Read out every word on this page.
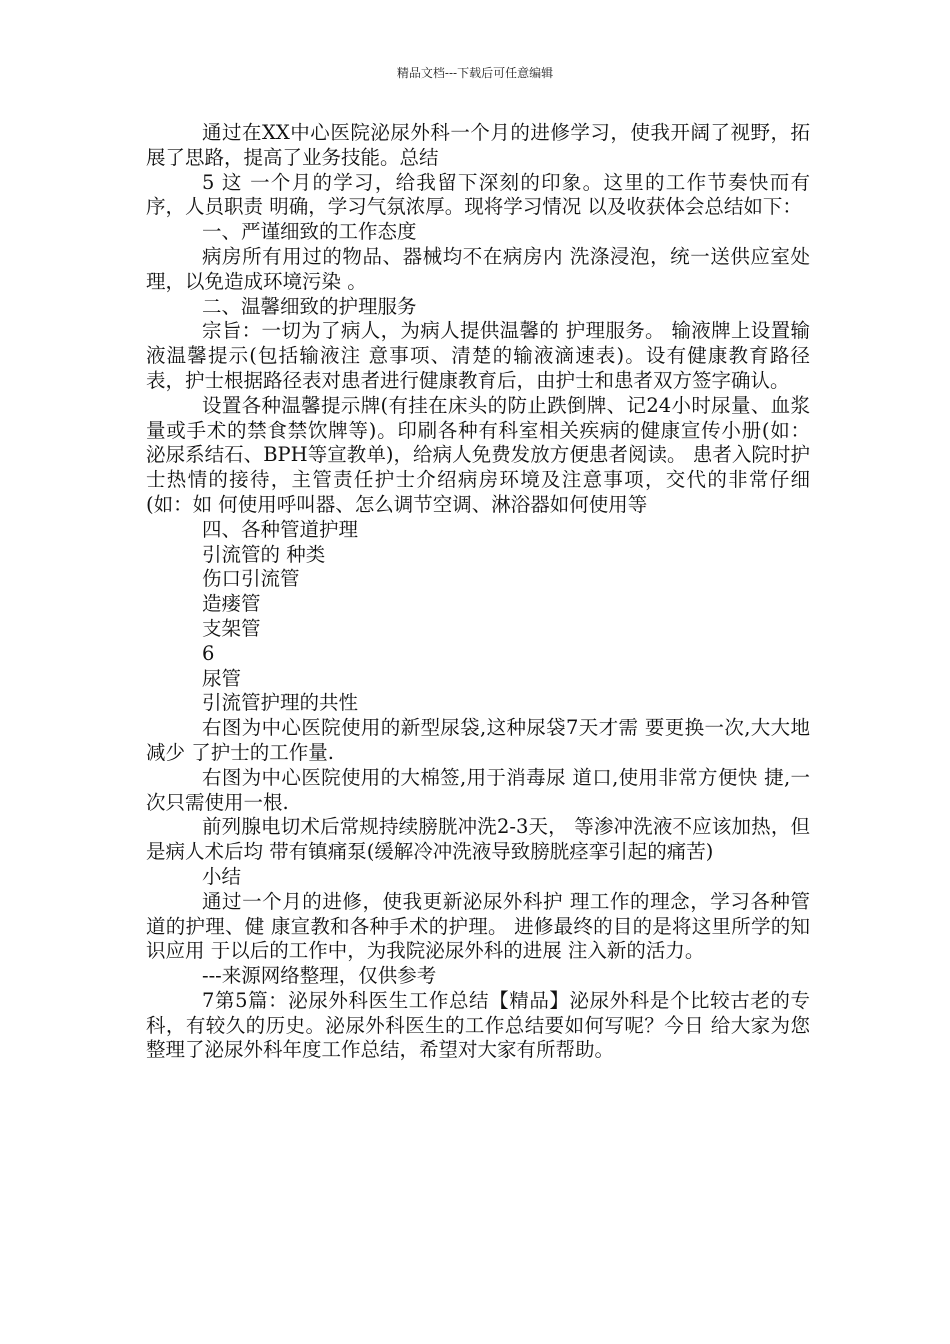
精品文档---下载后可任意编辑

通过在XX中心医院泌尿外科一个月的进修学习，使我开阔了视野，拓展了思路，提高了业务技能。总结

5 这 一个月的学习，给我留下深刻的印象。这里的工作节奏快而有序，人员职责 明确，学习气氛浓厚。现将学习情况 以及收获体会总结如下：

一、严谨细致的工作态度

病房所有用过的物品、器械均不在病房内 洗涤浸泡，统一送供应室处理，以免造成环境污染 。

二、温馨细致的护理服务

宗旨：一切为了病人，为病人提供温馨的 护理服务。 输液牌上设置输液温馨提示(包括输液注 意事项、清楚的输液滴速表)。设有健康教育路径表，护士根据路径表对患者进行健康教育后，由护士和患者双方签字确认。

设置各种温馨提示牌(有挂在床头的防止跌倒牌、记24小时尿量、血浆量或手术的禁食禁饮牌等)。印刷各种有科室相关疾病的健康宣传小册(如： 泌尿系结石、BPH等宣教单)，给病人免费发放方便患者阅读。 患者入院时护士热情的接待，主管责任护士介绍病房环境及注意事项，交代的非常仔细(如：如 何使用呼叫器、怎么调节空调、淋浴器如何使用等

四、各种管道护理

引流管的 种类

伤口引流管

造瘘管

支架管

6

尿管

引流管护理的共性

右图为中心医院使用的新型尿袋,这种尿袋7天才需 要更换一次,大大地减少 了护士的工作量.

右图为中心医院使用的大棉签,用于消毒尿 道口,使用非常方便快 捷,一次只需使用一根.

前列腺电切术后常规持续膀胱冲洗2-3天， 等渗冲洗液不应该加热，但是病人术后均 带有镇痛泵(缓解冷冲洗液导致膀胱痉挛引起的痛苦)

小结

通过一个月的进修，使我更新泌尿外科护 理工作的理念，学习各种管道的护理、健 康宣教和各种手术的护理。 进修最终的目的是将这里所学的知识应用 于以后的工作中，为我院泌尿外科的进展 注入新的活力。

---来源网络整理，仅供参考

7第5篇：泌尿外科医生工作总结【精品】泌尿外科是个比较古老的专科，有较久的历史。泌尿外科医生的工作总结要如何写呢？今日 给大家为您整理了泌尿外科年度工作总结，希望对大家有所帮助。
